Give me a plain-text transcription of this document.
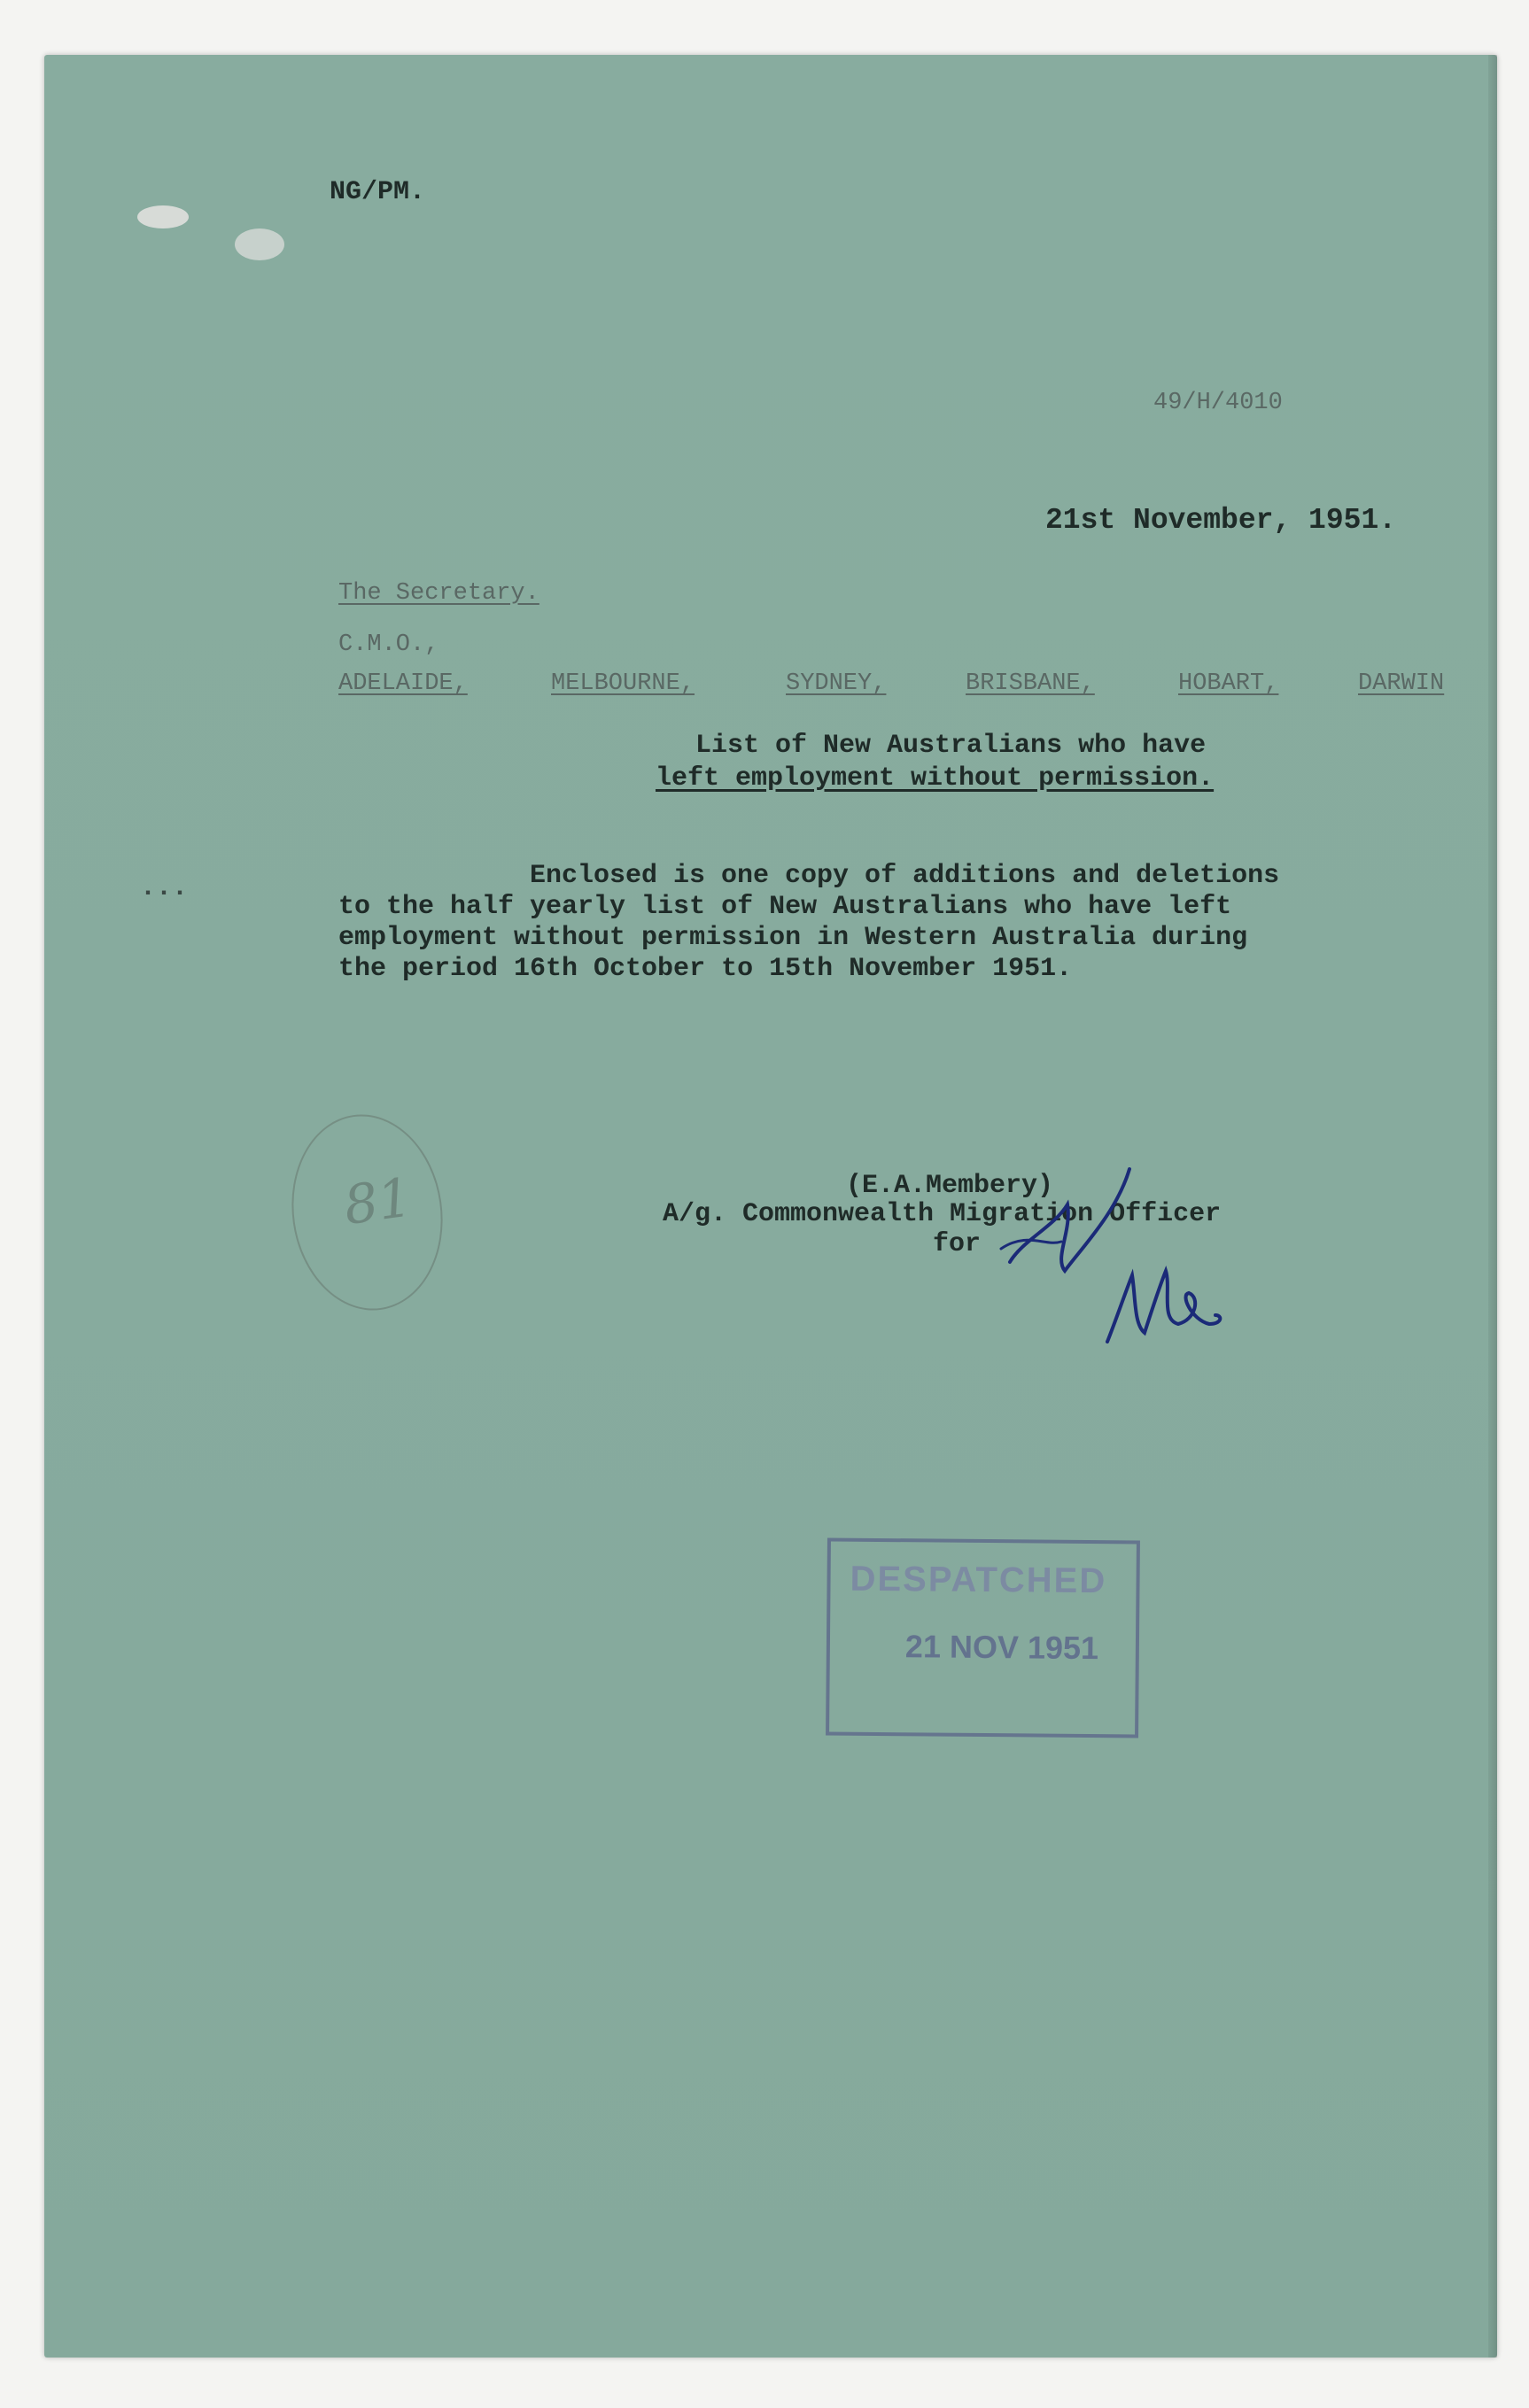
NG/PM.
49/H/4010
21st November, 1951.
The Secretary.
C.M.O.,
ADELAIDE,	MELBOURNE,	SYDNEY,	BRISBANE,	HOBART,	DARWIN
List of New Australians who have
left employment without permission.
...	Enclosed is one copy of additions and deletions
to the half yearly list of New Australians who have left
employment without permission in Western Australia during
the period 16th October to 15th November 1951.
81	(E.A.Membery)
A/g. Commonwealth Migration Officer
for
DESPATCHED
21 NOV 1951
